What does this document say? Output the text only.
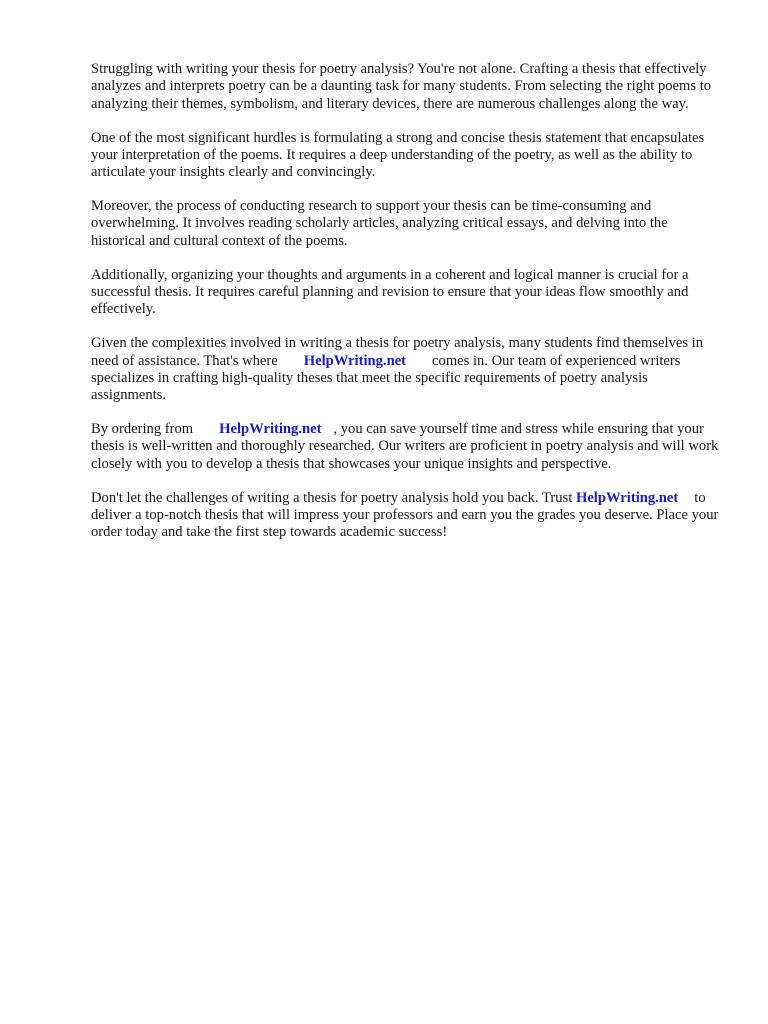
Struggling with writing your thesis for poetry analysis? You're not alone. Crafting a thesis that effectively analyzes and interprets poetry can be a daunting task for many students. From selecting the right poems to analyzing their themes, symbolism, and literary devices, there are numerous challenges along the way.

One of the most significant hurdles is formulating a strong and concise thesis statement that encapsulates your interpretation of the poems. It requires a deep understanding of the poetry, as well as the ability to articulate your insights clearly and convincingly.

Moreover, the process of conducting research to support your thesis can be time-consuming and overwhelming. It involves reading scholarly articles, analyzing critical essays, and delving into the historical and cultural context of the poems.

Additionally, organizing your thoughts and arguments in a coherent and logical manner is crucial for a successful thesis. It requires careful planning and revision to ensure that your ideas flow smoothly and effectively.

Given the complexities involved in writing a thesis for poetry analysis, many students find themselves in need of assistance. That's where HelpWriting.net comes in. Our team of experienced writers specializes in crafting high-quality theses that meet the specific requirements of poetry analysis assignments.

By ordering from HelpWriting.net , you can save yourself time and stress while ensuring that your thesis is well-written and thoroughly researched. Our writers are proficient in poetry analysis and will work closely with you to develop a thesis that showcases your unique insights and perspective.

Don't let the challenges of writing a thesis for poetry analysis hold you back. Trust HelpWriting.net to deliver a top-notch thesis that will impress your professors and earn you the grades you deserve. Place your order today and take the first step towards academic success!
